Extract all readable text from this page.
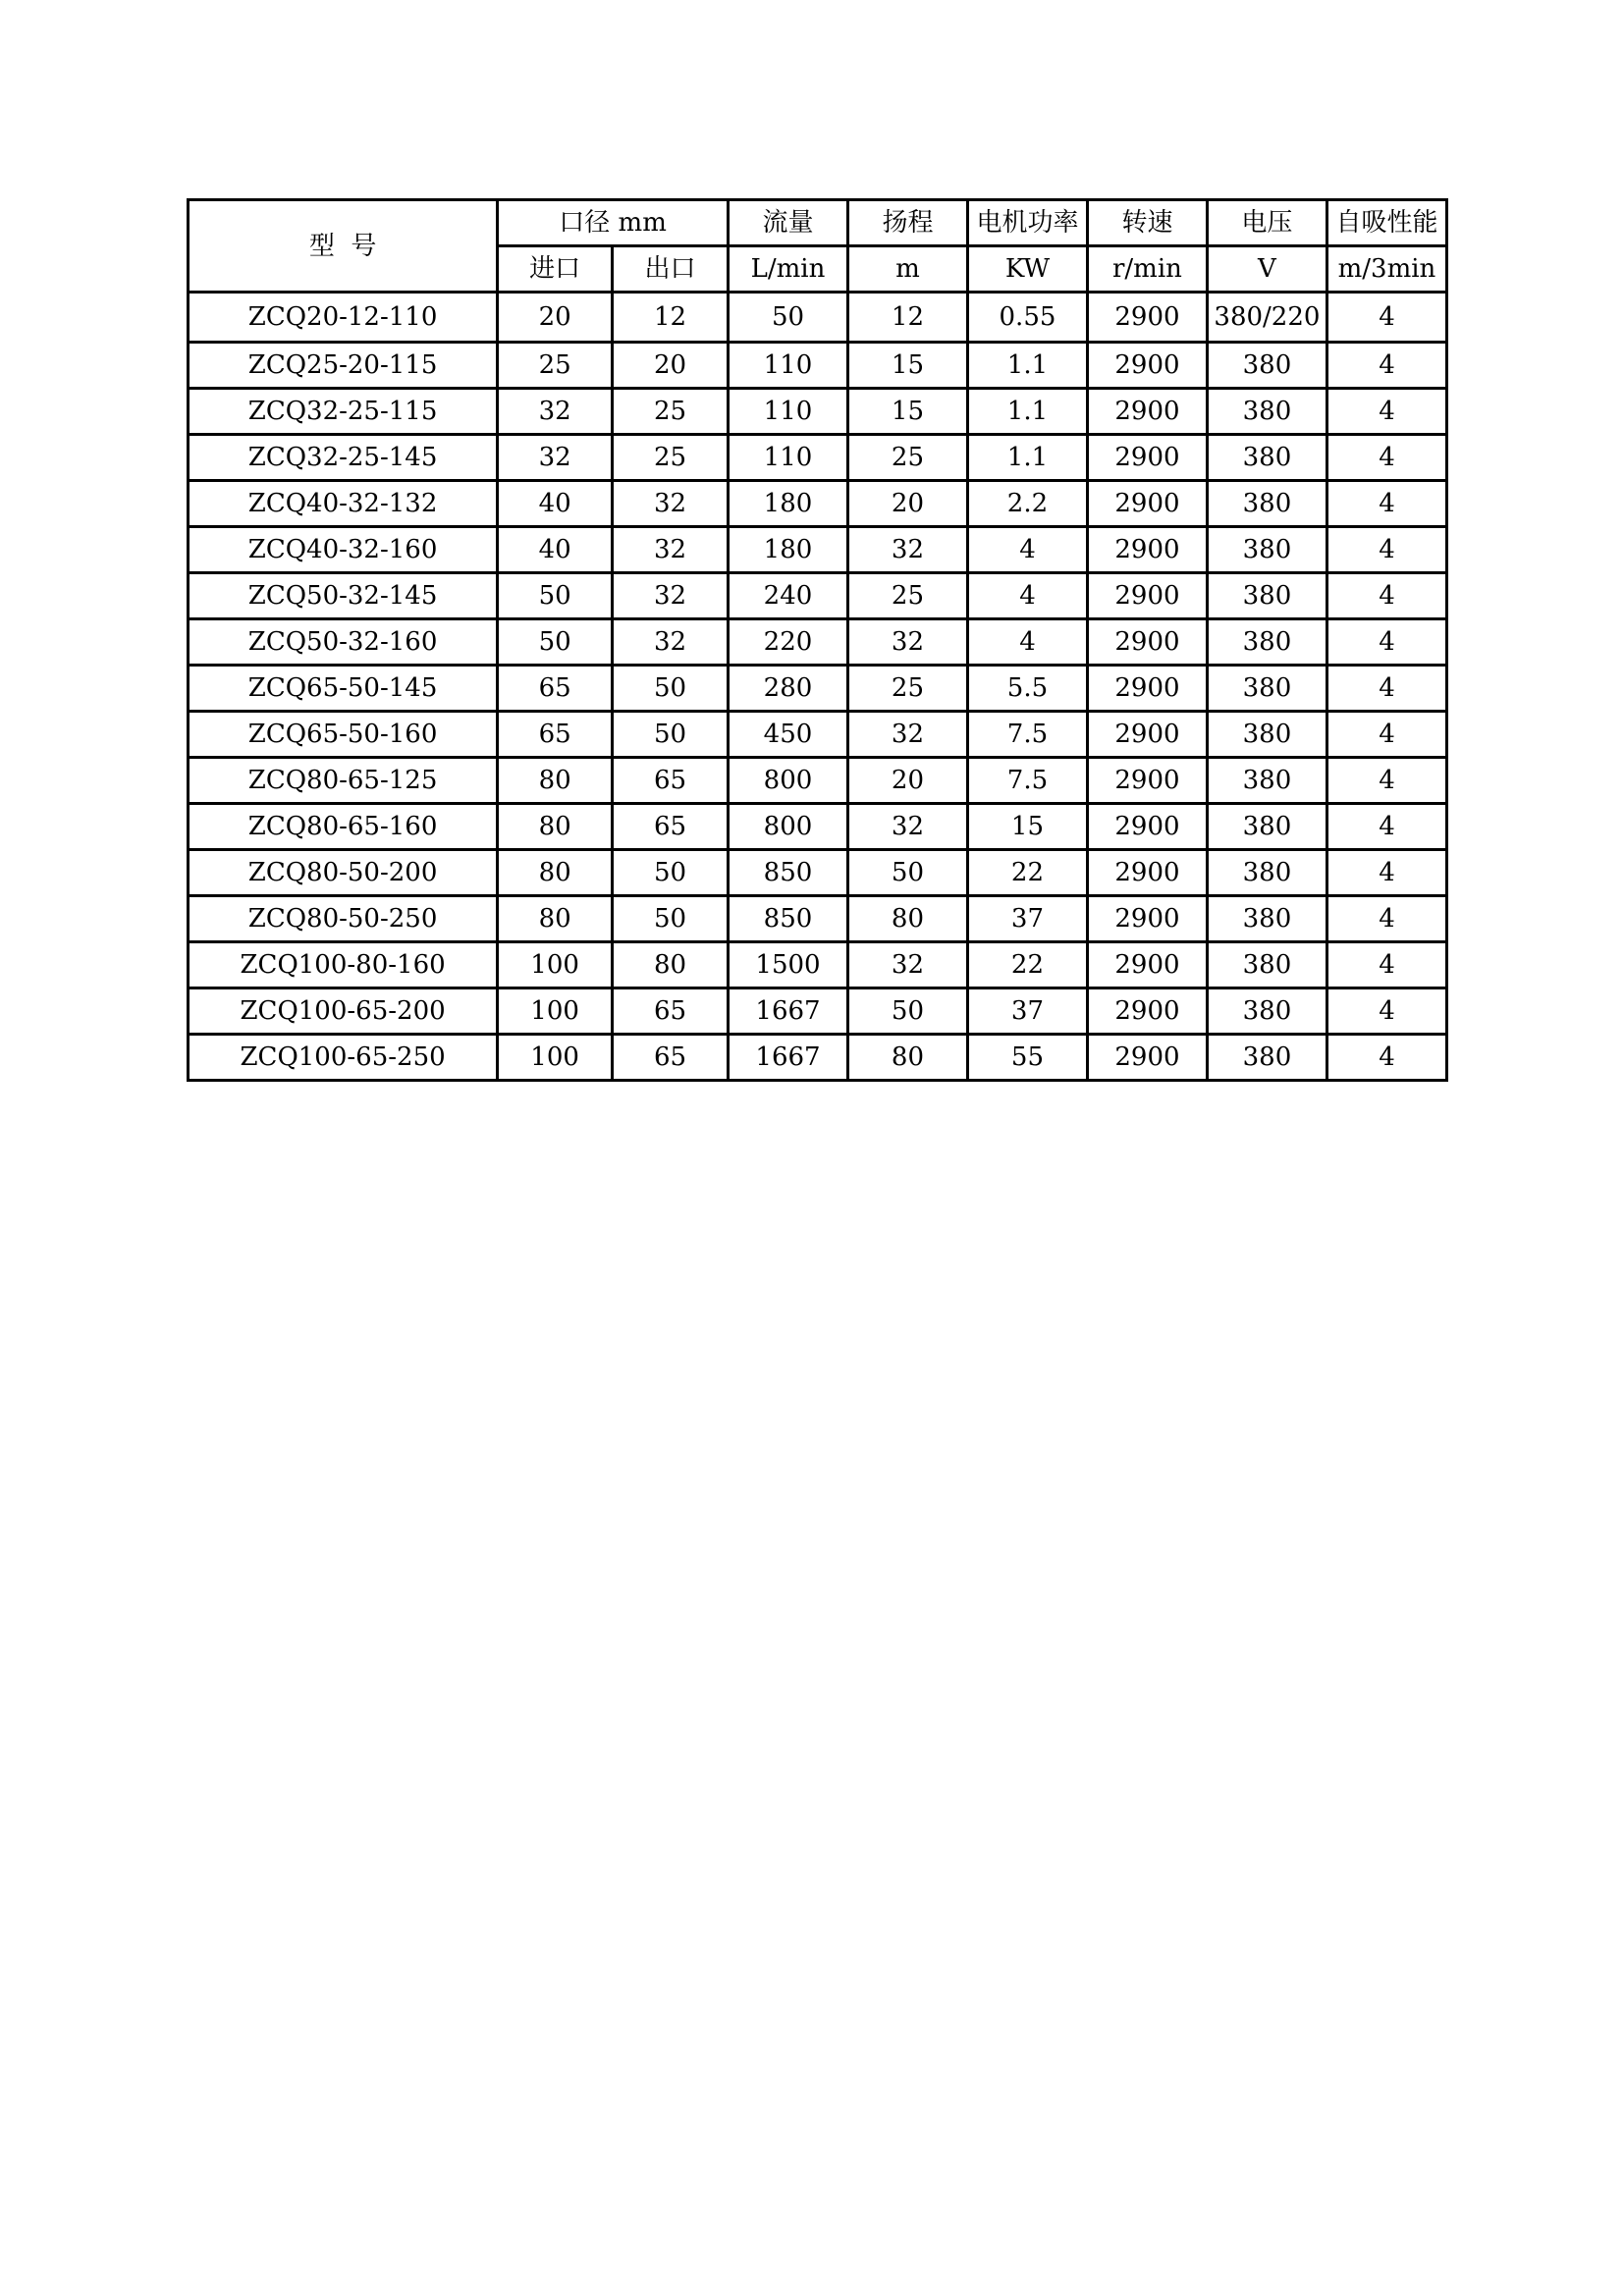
型  号	口径 mm		流量	扬程	电机功率	转速	电压	自吸性能
	进口	出口	L/min	m	KW	r/min	V	m/3min
ZCQ20-12-110	20	12	50	12	0.55	2900	380/220	4
ZCQ25-20-115	25	20	110	15	1.1	2900	380	4
ZCQ32-25-115	32	25	110	15	1.1	2900	380	4
ZCQ32-25-145	32	25	110	25	1.1	2900	380	4
ZCQ40-32-132	40	32	180	20	2.2	2900	380	4
ZCQ40-32-160	40	32	180	32	4	2900	380	4
ZCQ50-32-145	50	32	240	25	4	2900	380	4
ZCQ50-32-160	50	32	220	32	4	2900	380	4
ZCQ65-50-145	65	50	280	25	5.5	2900	380	4
ZCQ65-50-160	65	50	450	32	7.5	2900	380	4
ZCQ80-65-125	80	65	800	20	7.5	2900	380	4
ZCQ80-65-160	80	65	800	32	15	2900	380	4
ZCQ80-50-200	80	50	850	50	22	2900	380	4
ZCQ80-50-250	80	50	850	80	37	2900	380	4
ZCQ100-80-160	100	80	1500	32	22	2900	380	4
ZCQ100-65-200	100	65	1667	50	37	2900	380	4
ZCQ100-65-250	100	65	1667	80	55	2900	380	4
